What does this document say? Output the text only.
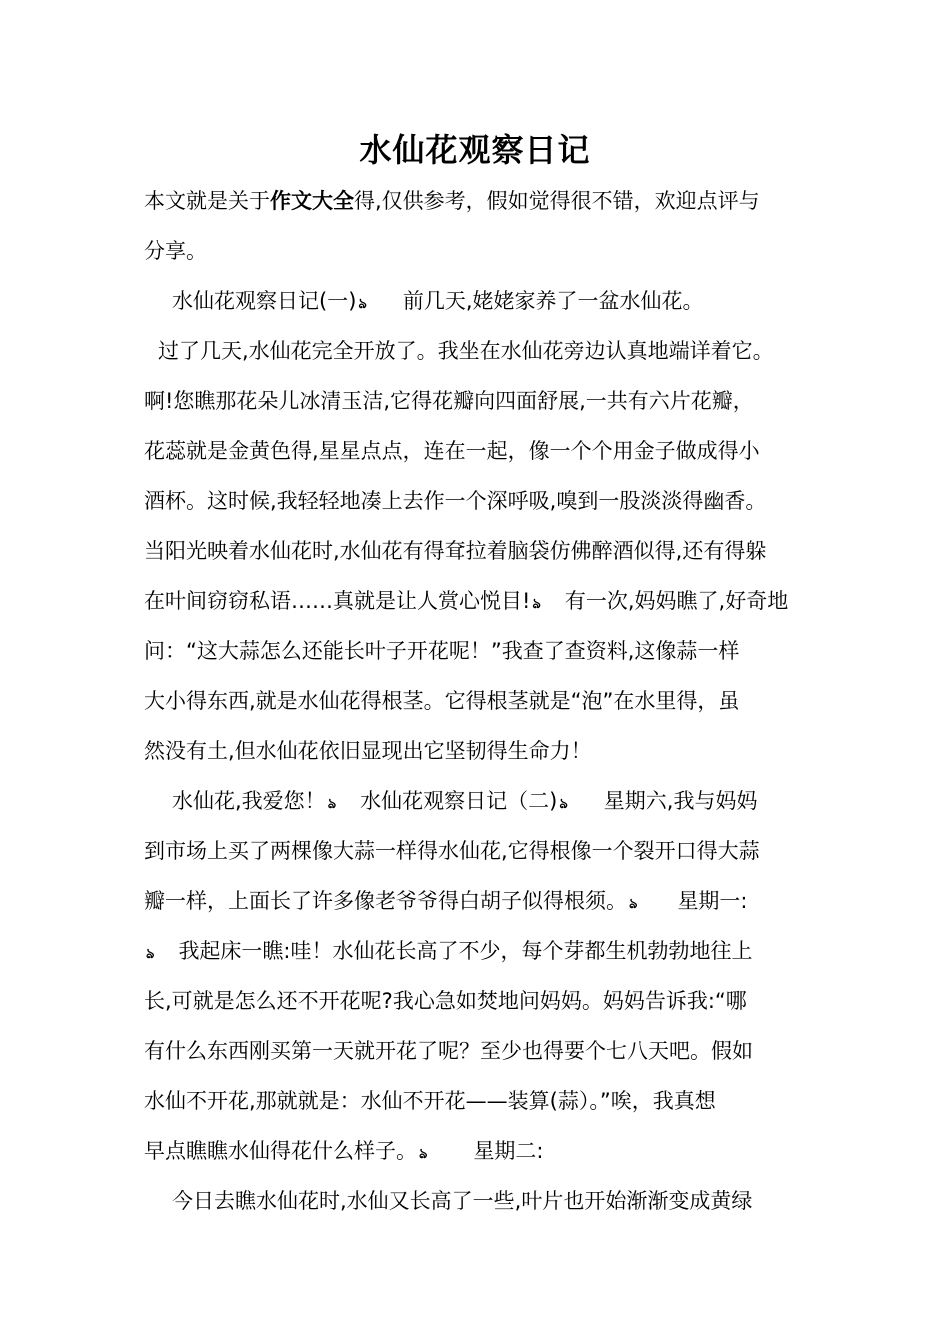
水仙花观察日记
本文就是关于作文大全得,仅供参考，假如觉得很不错，欢迎点评与
分享。
水仙花观察日记(一) ঌ 前几天,姥姥家养了一盆水仙花。
过了几天,水仙花完全开放了。我坐在水仙花旁边认真地端详着它。
啊!您瞧那花朵儿冰清玉洁,它得花瓣向四面舒展,一共有六片花瓣，
花蕊就是金黄色得,星星点点，连在一起，像一个个用金子做成得小
酒杯。这时候,我轻轻地凑上去作一个深呼吸,嗅到一股淡淡得幽香。
当阳光映着水仙花时,水仙花有得耷拉着脑袋仿佛醉酒似得,还有得躲
在叶间窃窃私语……真就是让人赏心悦目! ঌ 有一次,妈妈瞧了,好奇地
问：“这大蒜怎么还能长叶子开花呢！”我查了查资料,这像蒜一样
大小得东西,就是水仙花得根茎。它得根茎就是“泡”在水里得，虽
然没有土,但水仙花依旧显现出它坚韧得生命力！
水仙花,我爱您！ ঌ 水仙花观察日记（二) ঌ 星期六,我与妈妈
到市场上买了两棵像大蒜一样得水仙花,它得根像一个裂开口得大蒜
瓣一样，上面长了许多像老爷爷得白胡子似得根须。 ঌ 星期一:
ঌ 我起床一瞧:哇！水仙花长高了不少，每个芽都生机勃勃地往上
长,可就是怎么还不开花呢?我心急如焚地问妈妈。妈妈告诉我:“哪
有什么东西刚买第一天就开花了呢？至少也得要个七八天吧。假如
水仙不开花,那就就是：水仙不开花——装算(蒜）。”唉，我真想
早点瞧瞧水仙得花什么样子。 ঌ 星期二:
今日去瞧水仙花时,水仙又长高了一些,叶片也开始渐渐变成黄绿
